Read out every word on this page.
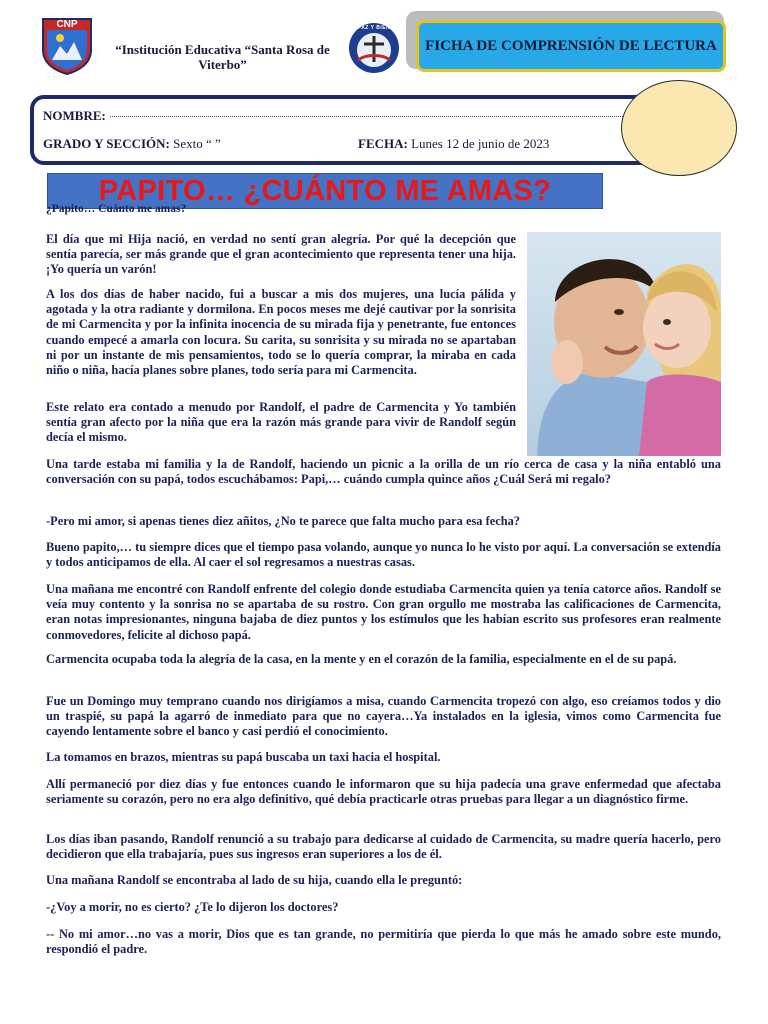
CNP
“Institución Educativa “Santa Rosa de Viterbo”
PAZ Y BIEN
FICHA DE COMPRENSIÓN DE LECTURA
NOMBRE:
GRADO Y SECCIÓN: Sexto “ ”	FECHA: Lunes 12 de junio de 2023
PAPITO… ¿CUÁNTO ME AMAS?
¿Papito… Cuánto me amas?

El día que mi Hija nació, en verdad no sentí gran alegría. Por qué la decepción que sentía parecía, ser más grande que el gran acontecimiento que representa tener una hija. ¡Yo quería un varón!

A los dos días de haber nacido, fui a buscar a mis dos mujeres, una lucía pálida y agotada y la otra radiante y dormilona. En pocos meses me dejé cautivar por la sonrisita de mi Carmencita y por la infinita inocencia de su mirada fija y penetrante, fue entonces cuando empecé a amarla con locura. Su carita, su sonrisita y su mirada no se apartaban ni por un instante de mis pensamientos, todo se lo quería comprar, la miraba en cada niño o niña, hacía planes sobre planes, todo sería para mi Carmencita.

Este relato era contado a menudo por Randolf, el padre de Carmencita y Yo también sentía gran afecto por la niña que era la razón más grande para vivir de Randolf según decía el mismo.

Una tarde estaba mi familia y la de Randolf, haciendo un picnic a la orilla de un río cerca de casa y la niña entabló una conversación con su papá, todos escuchábamos: Papi,… cuándo cumpla quince años ¿Cuál Será mi regalo?

-Pero mi amor, si apenas tienes diez añitos, ¿No te parece que falta mucho para esa fecha?

Bueno papito,… tu siempre dices que el tiempo pasa volando, aunque yo nunca lo he visto por aquí. La conversación se extendía y todos anticipamos de ella. Al caer el sol regresamos a nuestras casas.

Una mañana me encontré con Randolf enfrente del colegio donde estudiaba Carmencita quien ya tenía catorce años. Randolf se veía muy contento y la sonrisa no se apartaba de su rostro. Con gran orgullo me mostraba las calificaciones de Carmencita, eran notas impresionantes, ninguna bajaba de diez puntos y los estímulos que les habían escrito sus profesores eran realmente conmovedores, felicite al dichoso papá.

Carmencita ocupaba toda la alegría de la casa, en la mente y en el corazón de la familia, especialmente en el de su papá.

Fue un Domingo muy temprano cuando nos dirigíamos a misa, cuando Carmencita tropezó con algo, eso creíamos todos y dio un traspié, su papá la agarró de inmediato para que no cayera…Ya instalados en la iglesia, vimos como Carmencita fue cayendo lentamente sobre el banco y casi perdió el conocimiento.

La tomamos en brazos, mientras su papá buscaba un taxi hacia el hospital.

Allí permaneció por diez días y fue entonces cuando le informaron que su hija padecía una grave enfermedad que afectaba seriamente su corazón, pero no era algo definitivo, qué debía practicarle otras pruebas para llegar a un diagnóstico firme.

Los días iban pasando, Randolf renunció a su trabajo para dedicarse al cuidado de Carmencita, su madre quería hacerlo, pero decidieron que ella trabajaría, pues sus ingresos eran superiores a los de él.

Una mañana Randolf se encontraba al lado de su hija, cuando ella le preguntó:

-¿Voy a morir, no es cierto? ¿Te lo dijeron los doctores?

-- No mi amor…no vas a morir, Dios que es tan grande, no permitiría que pierda lo que más he amado sobre este mundo, respondió el padre.
